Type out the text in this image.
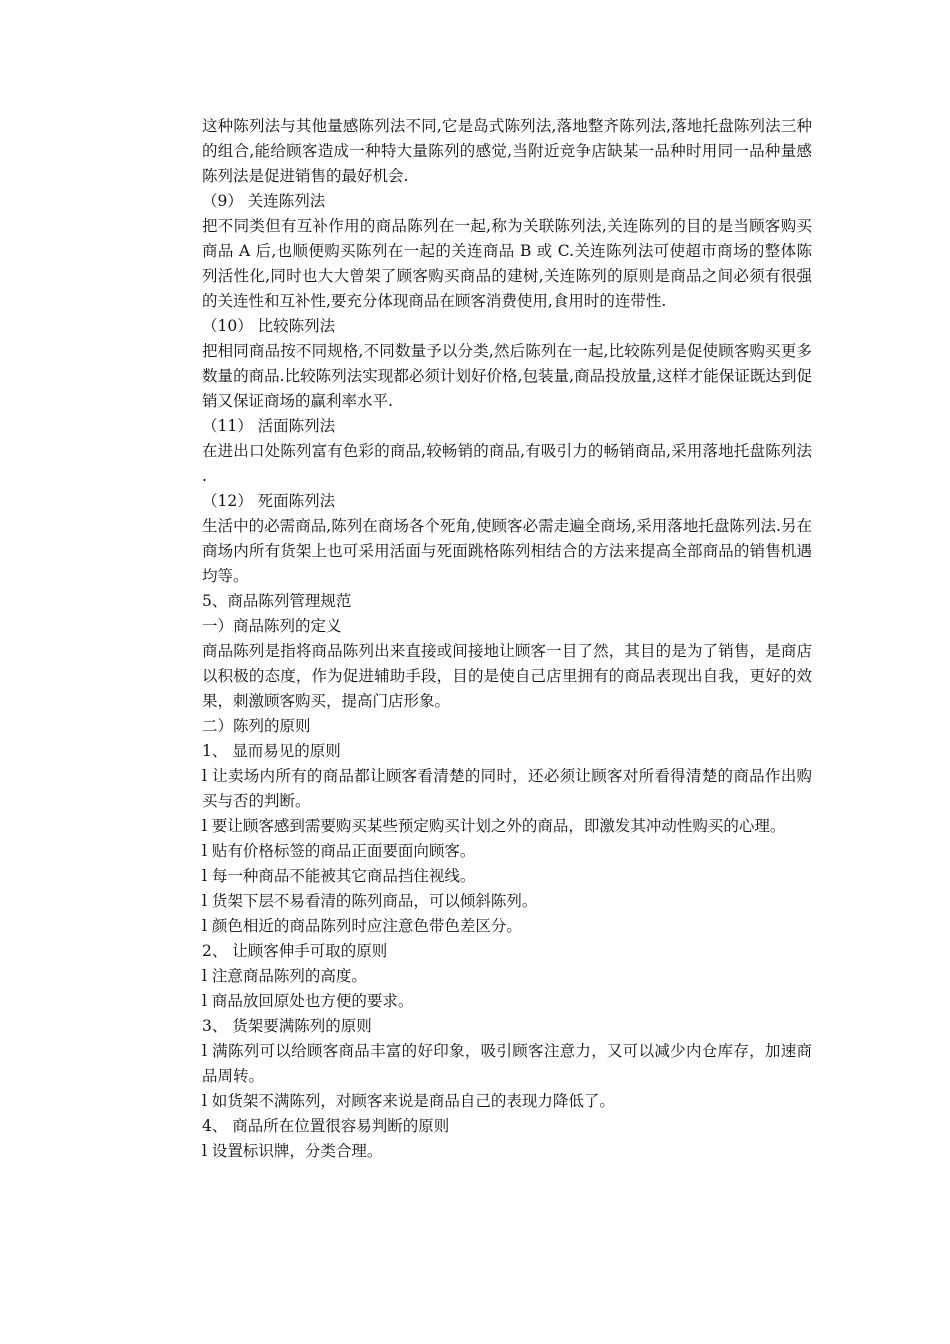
这种陈列法与其他量感陈列法不同,它是岛式陈列法,落地整齐陈列法,落地托盘陈列法三种的组合,能给顾客造成一种特大量陈列的感觉,当附近竞争店缺某一品种时用同一品种量感陈列法是促进销售的最好机会.

（9） 关连陈列法

把不同类但有互补作用的商品陈列在一起,称为关联陈列法,关连陈列的目的是当顾客购买商品 A 后,也顺便购买陈列在一起的关连商品 B 或 C.关连陈列法可使超市商场的整体陈列活性化,同时也大大曾架了顾客购买商品的建树,关连陈列的原则是商品之间必须有很强的关连性和互补性,要充分体现商品在顾客消费使用,食用时的连带性.

（10） 比较陈列法

把相同商品按不同规格,不同数量予以分类,然后陈列在一起,比较陈列是促使顾客购买更多数量的商品.比较陈列法实现都必须计划好价格,包装量,商品投放量,这样才能保证既达到促销又保证商场的赢利率水平.

（11） 活面陈列法

在进出口处陈列富有色彩的商品,较畅销的商品,有吸引力的畅销商品,采用落地托盘陈列法 .

（12） 死面陈列法

生活中的必需商品,陈列在商场各个死角,使顾客必需走遍全商场,采用落地托盘陈列法.另在商场内所有货架上也可采用活面与死面跳格陈列相结合的方法来提高全部商品的销售机遇均等。

5、商品陈列管理规范

一）商品陈列的定义

商品陈列是指将商品陈列出来直接或间接地让顾客一目了然，其目的是为了销售，是商店以积极的态度，作为促进辅助手段，目的是使自己店里拥有的商品表现出自我，更好的效果，刺激顾客购买，提高门店形象。

二）陈列的原则

1、 显而易见的原则

l 让卖场内所有的商品都让顾客看清楚的同时，还必须让顾客对所看得清楚的商品作出购 买与否的判断。

l 要让顾客感到需要购买某些预定购买计划之外的商品，即激发其冲动性购买的心理。

l 贴有价格标签的商品正面要面向顾客。

l 每一种商品不能被其它商品挡住视线。

l 货架下层不易看清的陈列商品，可以倾斜陈列。

l 颜色相近的商品陈列时应注意色带色差区分。

2、 让顾客伸手可取的原则

l 注意商品陈列的高度。

l 商品放回原处也方便的要求。

3、 货架要满陈列的原则

l 满陈列可以给顾客商品丰富的好印象，吸引顾客注意力，又可以减少内仓库存，加速商品周转。

l 如货架不满陈列，对顾客来说是商品自己的表现力降低了。

4、 商品所在位置很容易判断的原则

l 设置标识牌，分类合理。
